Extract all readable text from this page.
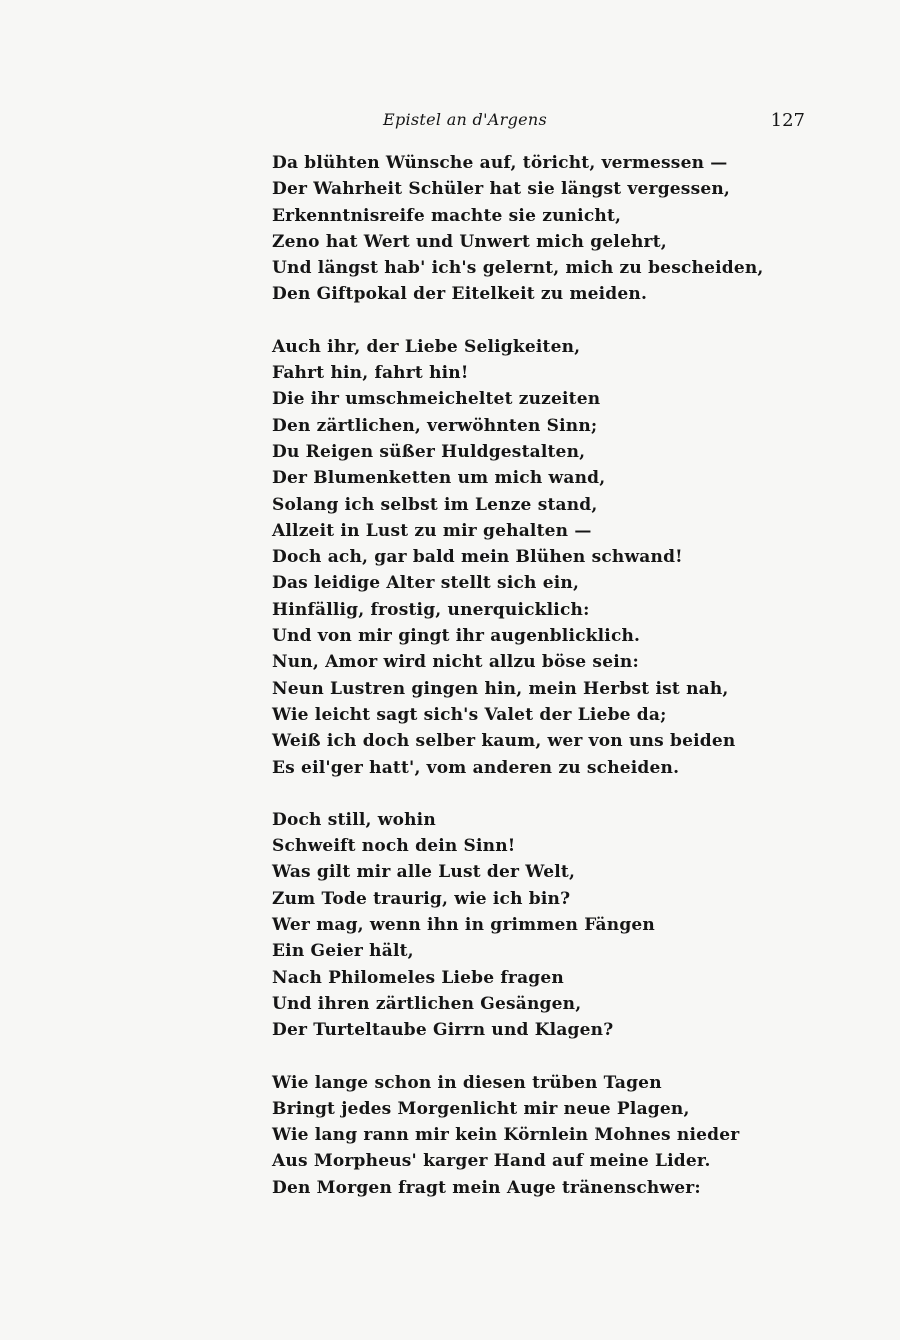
Epistel an d'Argens	127
Da blühten Wünsche auf, töricht, vermessen —
Der Wahrheit Schüler hat sie längst vergessen,
Erkenntnisreife machte sie zunicht,
Zeno hat Wert und Unwert mich gelehrt,
Und längst hab' ich's gelernt, mich zu bescheiden,
Den Giftpokal der Eitelkeit zu meiden.
Auch ihr, der Liebe Seligkeiten,
Fahrt hin, fahrt hin!
Die ihr umschmeicheltet zuzeiten
Den zärtlichen, verwöhnten Sinn;
Du Reigen süßer Huldgestalten,
Der Blumenketten um mich wand,
Solang ich selbst im Lenze stand,
Allzeit in Lust zu mir gehalten —
Doch ach, gar bald mein Blühen schwand!
Das leidige Alter stellt sich ein,
Hinfällig, frostig, unerquicklich:
Und von mir gingt ihr augenblicklich.
Nun, Amor wird nicht allzu böse sein:
Neun Lustren gingen hin, mein Herbst ist nah,
Wie leicht sagt sich's Valet der Liebe da;
Weiß ich doch selber kaum, wer von uns beiden
Es eil'ger hatt', vom anderen zu scheiden.
Doch still, wohin
Schweift noch dein Sinn!
Was gilt mir alle Lust der Welt,
Zum Tode traurig, wie ich bin?
Wer mag, wenn ihn in grimmen Fängen
Ein Geier hält,
Nach Philomeles Liebe fragen
Und ihren zärtlichen Gesängen,
Der Turteltaube Girrn und Klagen?
Wie lange schon in diesen trüben Tagen
Bringt jedes Morgenlicht mir neue Plagen,
Wie lang rann mir kein Körnlein Mohnes nieder
Aus Morpheus' karger Hand auf meine Lider.
Den Morgen fragt mein Auge tränenschwer:
